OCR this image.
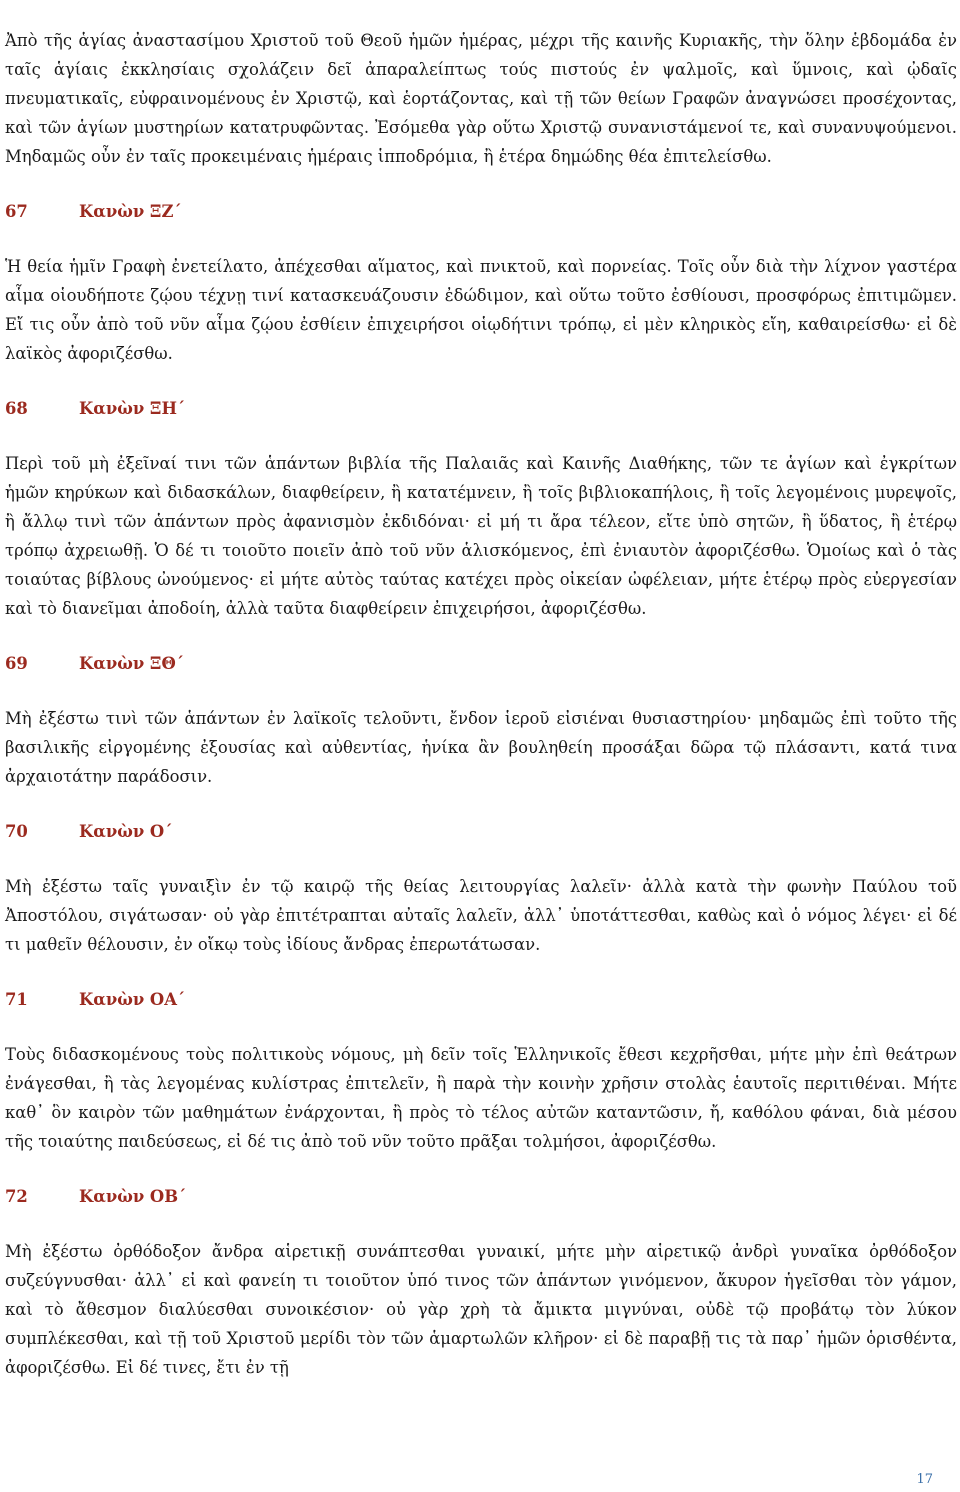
Ἀπὸ τῆς ἁγίας ἀναστασίμου Χριστοῦ τοῦ Θεοῦ ἡμῶν ἡμέρας, μέχρι τῆς καινῆς Κυριακῆς, τὴν ὅλην ἑβδομάδα ἐν ταῖς ἁγίαις ἐκκλησίαις σχολάζειν δεῖ ἀπαραλείπτως τούς πιστούς ἐν ψαλμοῖς, καὶ ὕμνοις, καὶ ᾠδαῖς πνευματικαῖς, εὐφραινομένους ἐν Χριστῷ, καὶ ἑορτάζοντας, καὶ τῇ τῶν θείων Γραφῶν ἀναγνώσει προσέχοντας, καὶ τῶν ἁγίων μυστηρίων κατατρυφῶντας. Ἐσόμεθα γὰρ οὕτω Χριστῷ συνανιστάμενοί τε, καὶ συνανυψούμενοι. Μηδαμῶς οὖν ἐν ταῖς προκειμέναις ἡμέραις ἱπποδρόμια, ἢ ἑτέρα δημώδης θέα ἐπιτελείσθω.

67	Κανὼν ΞΖ΄

Ἡ θεία ἡμῖν Γραφὴ ἐνετείλατο, ἀπέχεσθαι αἵματος, καὶ πνικτοῦ, καὶ πορνείας. Τοῖς οὖν διὰ τὴν λίχνον γαστέρα αἷμα οἱουδήποτε ζῴου τέχνῃ τινί κατασκευάζουσιν ἐδώδιμον, καὶ οὕτω τοῦτο ἐσθίουσι, προσφόρως ἐπιτιμῶμεν. Εἴ τις οὖν ἀπὸ τοῦ νῦν αἷμα ζῴου ἐσθίειν ἐπιχειρήσοι οἱῳδήτινι τρόπῳ, εἰ μὲν κληρικὸς εἴη, καθαιρείσθω· εἰ δὲ λαϊκὸς ἀφοριζέσθω.

68	Κανὼν ΞΗ΄

Περὶ τοῦ μὴ ἐξεῖναί τινι τῶν ἁπάντων βιβλία τῆς Παλαιᾶς καὶ Καινῆς Διαθήκης, τῶν τε ἁγίων καὶ ἐγκρίτων ἡμῶν κηρύκων καὶ διδασκάλων, διαφθείρειν, ἢ κατατέμνειν, ἢ τοῖς βιβλιοκαπήλοις, ἢ τοῖς λεγομένοις μυρεψοῖς, ἢ ἄλλῳ τινὶ τῶν ἁπάντων πρὸς ἀφανισμὸν ἐκδιδόναι· εἰ μή τι ἄρα τέλεον, εἴτε ὑπὸ σητῶν, ἢ ὕδατος, ἢ ἑτέρῳ τρόπῳ ἀχρειωθῇ. Ὁ δέ τι τοιοῦτο ποιεῖν ἀπὸ τοῦ νῦν ἁλισκόμενος, ἐπὶ ἐνιαυτὸν ἀφοριζέσθω. Ὁμοίως καὶ ὁ τὰς τοιαύτας βίβλους ὠνούμενος· εἰ μήτε αὐτὸς ταύτας κατέχει πρὸς οἰκείαν ὠφέλειαν, μήτε ἑτέρῳ πρὸς εὐεργεσίαν καὶ τὸ διανεῖμαι ἀποδοίη, ἀλλὰ ταῦτα διαφθείρειν ἐπιχειρήσοι, ἀφοριζέσθω.

69	Κανὼν ΞΘ΄

Μὴ ἐξέστω τινὶ τῶν ἁπάντων ἐν λαϊκοῖς τελοῦντι, ἔνδον ἱεροῦ εἰσιέναι θυσιαστηρίου· μηδαμῶς ἐπὶ τοῦτο τῆς βασιλικῆς εἰργομένης ἐξουσίας καὶ αὐθεντίας, ἡνίκα ἂν βουληθείη προσάξαι δῶρα τῷ πλάσαντι, κατά τινα ἀρχαιοτάτην παράδοσιν.

70	Κανὼν Ο΄

Μὴ ἐξέστω ταῖς γυναιξὶν ἐν τῷ καιρῷ τῆς θείας λειτουργίας λαλεῖν· ἀλλὰ κατὰ τὴν φωνὴν Παύλου τοῦ Ἀποστόλου, σιγάτωσαν· οὐ γὰρ ἐπιτέτραπται αὐταῖς λαλεῖν, ἀλλ᾿ ὑποτάττεσθαι, καθὼς καὶ ὁ νόμος λέγει· εἰ δέ τι μαθεῖν θέλουσιν, ἐν οἴκῳ τοὺς ἰδίους ἄνδρας ἐπερωτάτωσαν.

71	Κανὼν ΟΑ΄

Τοὺς διδασκομένους τοὺς πολιτικοὺς νόμους, μὴ δεῖν τοῖς Ἑλληνικοῖς ἔθεσι κεχρῆσθαι, μήτε μὴν ἐπὶ θεάτρων ἐνάγεσθαι, ἢ τὰς λεγομένας κυλίστρας ἐπιτελεῖν, ἢ παρὰ τὴν κοινὴν χρῆσιν στολὰς ἑαυτοῖς περιτιθέναι. Μήτε καθ᾿ ὃν καιρὸν τῶν μαθημάτων ἐνάρχονται, ἢ πρὸς τὸ τέλος αὐτῶν καταντῶσιν, ἤ, καθόλου φάναι, διὰ μέσου τῆς τοιαύτης παιδεύσεως, εἰ δέ τις ἀπὸ τοῦ νῦν τοῦτο πρᾶξαι τολμήσοι, ἀφοριζέσθω.

72	Κανὼν ΟΒ΄

Μὴ ἐξέστω ὀρθόδοξον ἄνδρα αἱρετικῇ συνάπτεσθαι γυναικί, μήτε μὴν αἱρετικῷ ἀνδρὶ γυναῖκα ὀρθόδοξον συζεύγνυσθαι· ἀλλ᾿ εἰ καὶ φανείη τι τοιοῦτον ὑπό τινος τῶν ἁπάντων γινόμενον, ἄκυρον ἡγεῖσθαι τὸν γάμον, καὶ τὸ ἄθεσμον διαλύεσθαι συνοικέσιον· οὐ γὰρ χρὴ τὰ ἄμικτα μιγνύναι, οὐδὲ τῷ προβάτῳ τὸν λύκον συμπλέκεσθαι, καὶ τῇ τοῦ Χριστοῦ μερίδι τὸν τῶν ἁμαρτωλῶν κλῆρον· εἰ δὲ παραβῇ τις τὰ παρ᾿ ἡμῶν ὁρισθέντα, ἀφοριζέσθω. Εἰ δέ τινες, ἔτι ἐν τῇ

17
